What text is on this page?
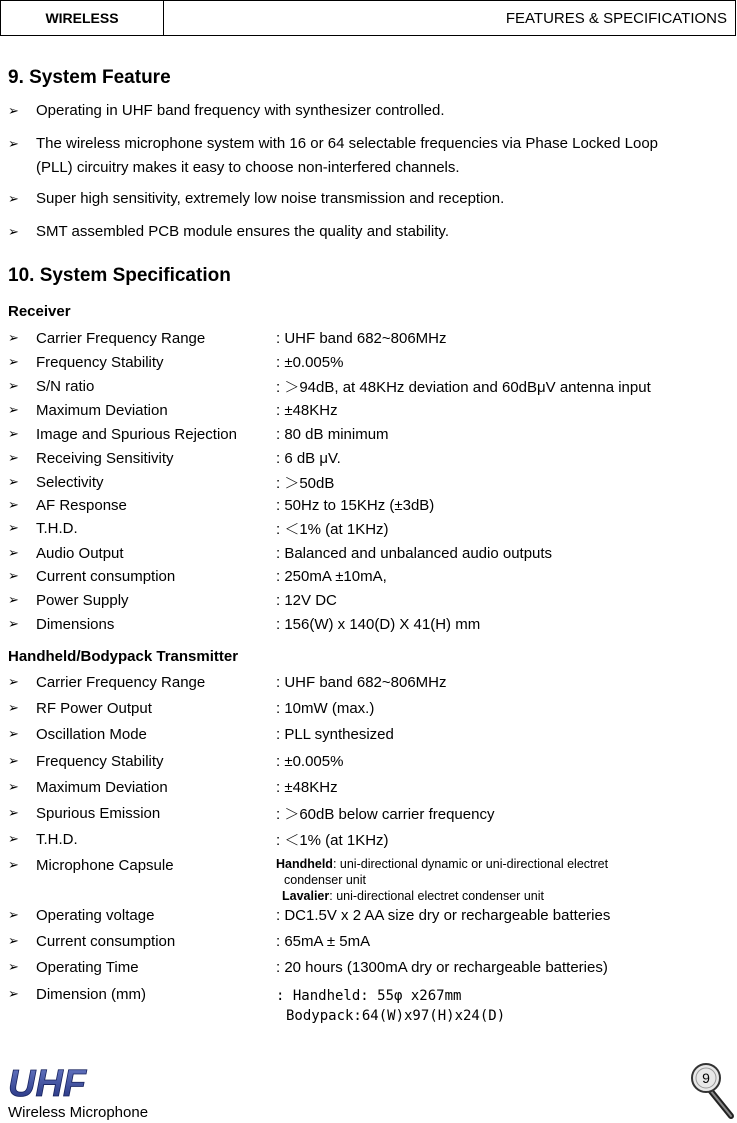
WIRELESS	FEATURES & SPECIFICATIONS
9. System Feature
➢	Operating in UHF band frequency with synthesizer controlled.
➢	The wireless microphone system with 16 or 64 selectable frequencies via Phase Locked Loop (PLL) circuitry makes it easy to choose non-interfered channels.
➢	Super high sensitivity, extremely low noise transmission and reception.
➢	SMT assembled PCB module ensures the quality and stability.
10. System Specification
Receiver
➢	Carrier Frequency Range	: UHF band 682~806MHz
➢	Frequency Stability	: ±0.005%
➢	S/N ratio	: ＞94dB, at 48KHz deviation and 60dBμV antenna input
➢	Maximum Deviation	: ±48KHz
➢	Image and Spurious Rejection	: 80 dB minimum
➢	Receiving Sensitivity	: 6 dB μV.
➢	Selectivity	: ＞50dB
➢	AF Response	: 50Hz to 15KHz (±3dB)
➢	T.H.D.	: ＜1% (at 1KHz)
➢	Audio Output	: Balanced and unbalanced audio outputs
➢	Current consumption	: 250mA ±10mA,
➢	Power Supply	: 12V DC
➢	Dimensions	: 156(W) x 140(D) X 41(H) mm
Handheld/Bodypack Transmitter
➢	Carrier Frequency Range	: UHF band 682~806MHz
➢	RF Power Output	: 10mW (max.)
➢	Oscillation Mode	: PLL synthesized
➢	Frequency Stability	: ±0.005%
➢	Maximum Deviation	: ±48KHz
➢	Spurious Emission	: ＞60dB below carrier frequency
➢	T.H.D.	: ＜1% (at 1KHz)
➢	Microphone Capsule	Handheld: uni-directional dynamic or uni-directional electret
condenser unit
Lavalier: uni-directional electret condenser unit
➢	Operating voltage	: DC1.5V x 2 AA size dry or rechargeable batteries
➢	Current consumption	: 65mA ± 5mA
➢	Operating Time	: 20 hours (1300mA dry or rechargeable batteries)
➢	Dimension (mm)	: Handheld: 55φ x267mm
Bodypack:64(W)x97(H)x24(D)
UHF
Wireless Microphone
9
